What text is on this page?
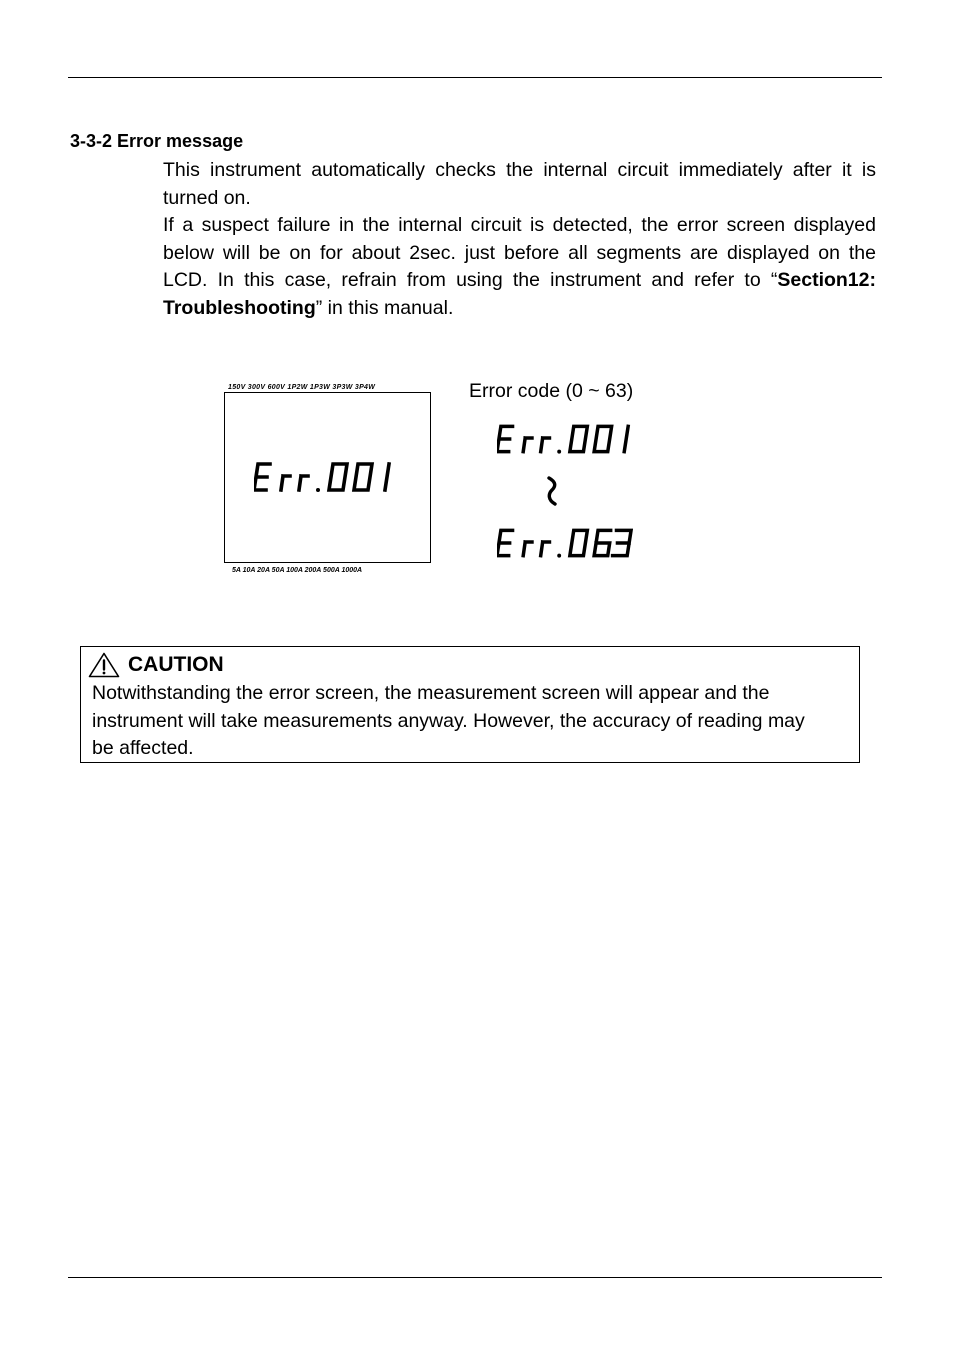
3-3-2 Error message

This instrument automatically checks the internal circuit immediately after it is turned on.

If a suspect failure in the internal circuit is detected, the error screen displayed below will be on for about 2sec. just before all segments are displayed on the LCD. In this case, refrain from using the instrument and refer to “Section12: Troubleshooting” in this manual.

150V 300V 600V 1P2W 1P3W 3P3W 3P4W
5A 10A 20A 50A 100A 200A 500A 1000A
Error code (0 ~ 63)
CAUTION
Notwithstanding the error screen, the measurement screen will appear and the instrument will take measurements anyway. However, the accuracy of reading may be affected.
